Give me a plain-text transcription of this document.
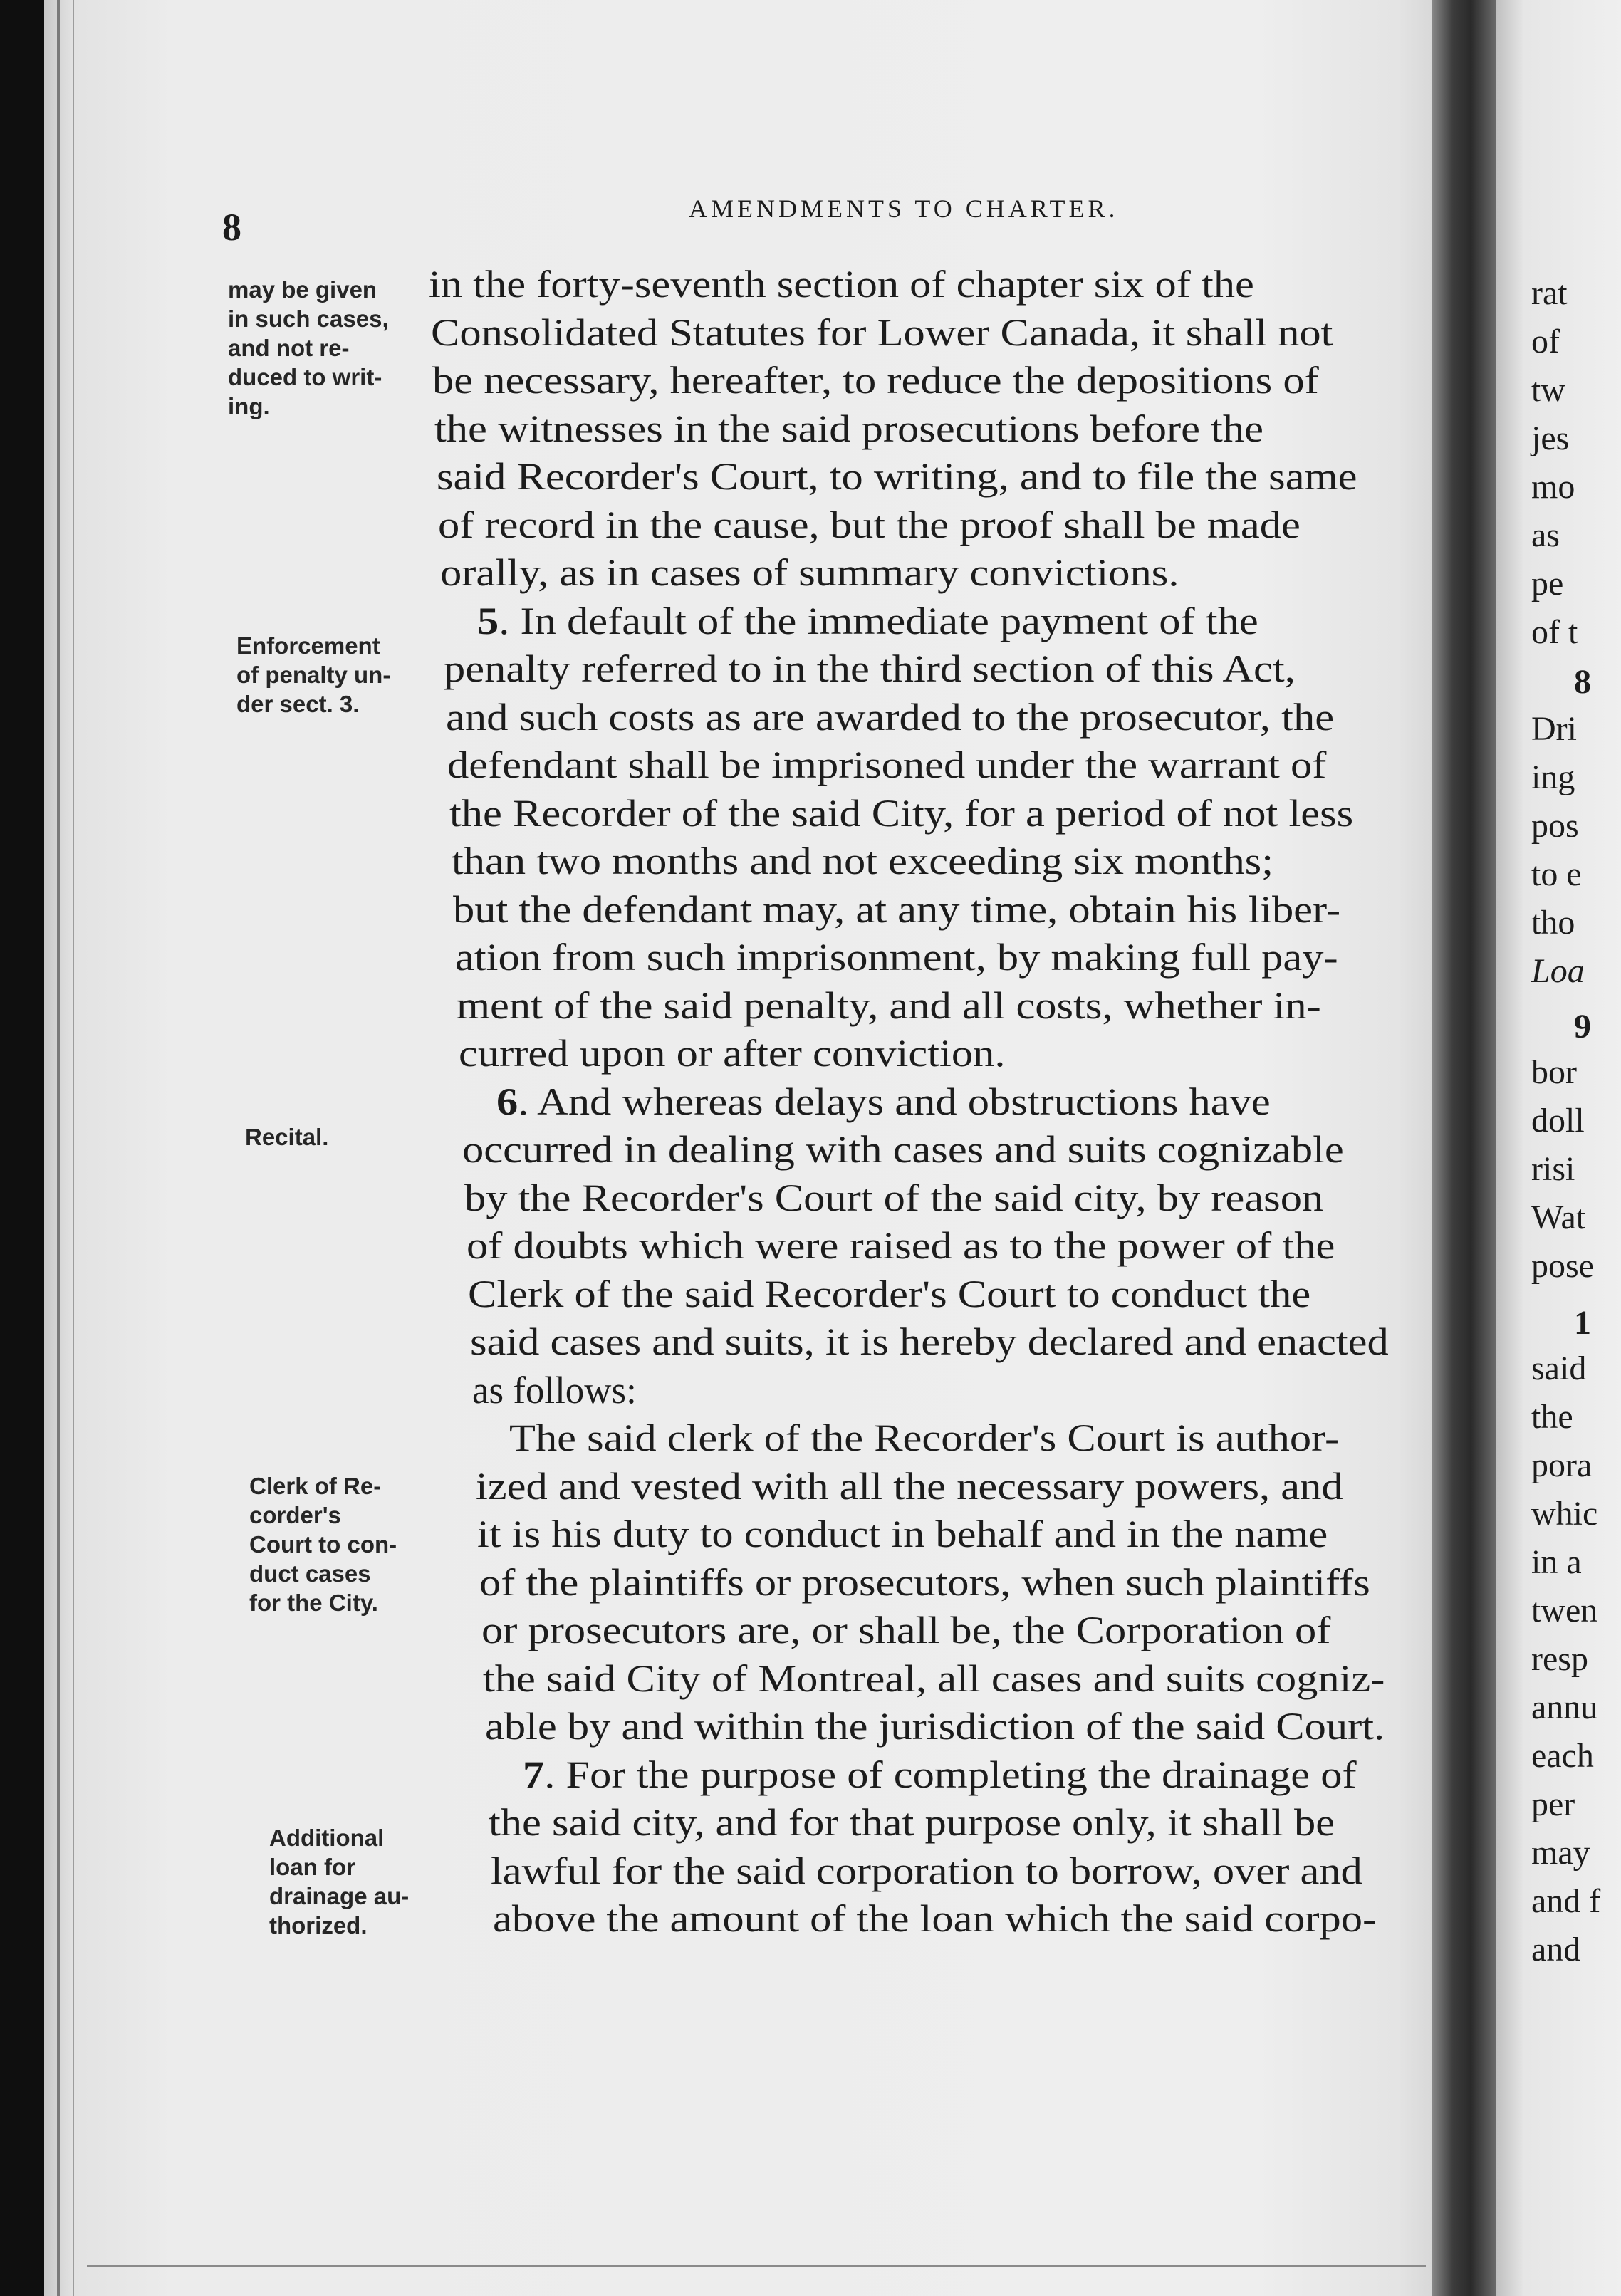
8	AMENDMENTS TO CHARTER.
may be given
in such cases,
and not re-
duced to writ-
ing.
Enforcement
of penalty un-
der sect. 3.
Recital.
Clerk of Re-
corder's
Court to con-
duct cases
for the City.
Additional
loan for
drainage au-
thorized.
in the forty-seventh section of chapter six of the
Consolidated Statutes for Lower Canada, it shall not
be necessary, hereafter, to reduce the depositions of
the witnesses in the said prosecutions before the
said Recorder's Court, to writing, and to file the same
of record in the cause, but the proof shall be made
orally, as in cases of summary convictions.
5. In default of the immediate payment of the
penalty referred to in the third section of this Act,
and such costs as are awarded to the prosecutor, the
defendant shall be imprisoned under the warrant of
the Recorder of the said City, for a period of not less
than two months and not exceeding six months;
but the defendant may, at any time, obtain his liber-
ation from such imprisonment, by making full pay-
ment of the said penalty, and all costs, whether in-
curred upon or after conviction.
6. And whereas delays and obstructions have
occurred in dealing with cases and suits cognizable
by the Recorder's Court of the said city, by reason
of doubts which were raised as to the power of the
Clerk of the said Recorder's Court to conduct the
said cases and suits, it is hereby declared and enacted
as follows:
The said clerk of the Recorder's Court is author-
ized and vested with all the necessary powers, and
it is his duty to conduct in behalf and in the name
of the plaintiffs or prosecutors, when such plaintiffs
or prosecutors are, or shall be, the Corporation of
the said City of Montreal, all cases and suits cogniz-
able by and within the jurisdiction of the said Court.
7. For the purpose of completing the drainage of
the said city, and for that purpose only, it shall be
lawful for the said corporation to borrow, over and
above the amount of the loan which the said corpo-
rat
of
tw
jes
mo
as
pe
of t
8
Dri
ing
pos
to e
tho
Loa
9
bor
doll
risi
Wat
pose
1
said
the
pora
whic
in a
twen
resp
annu
each
per
may
and f
and
